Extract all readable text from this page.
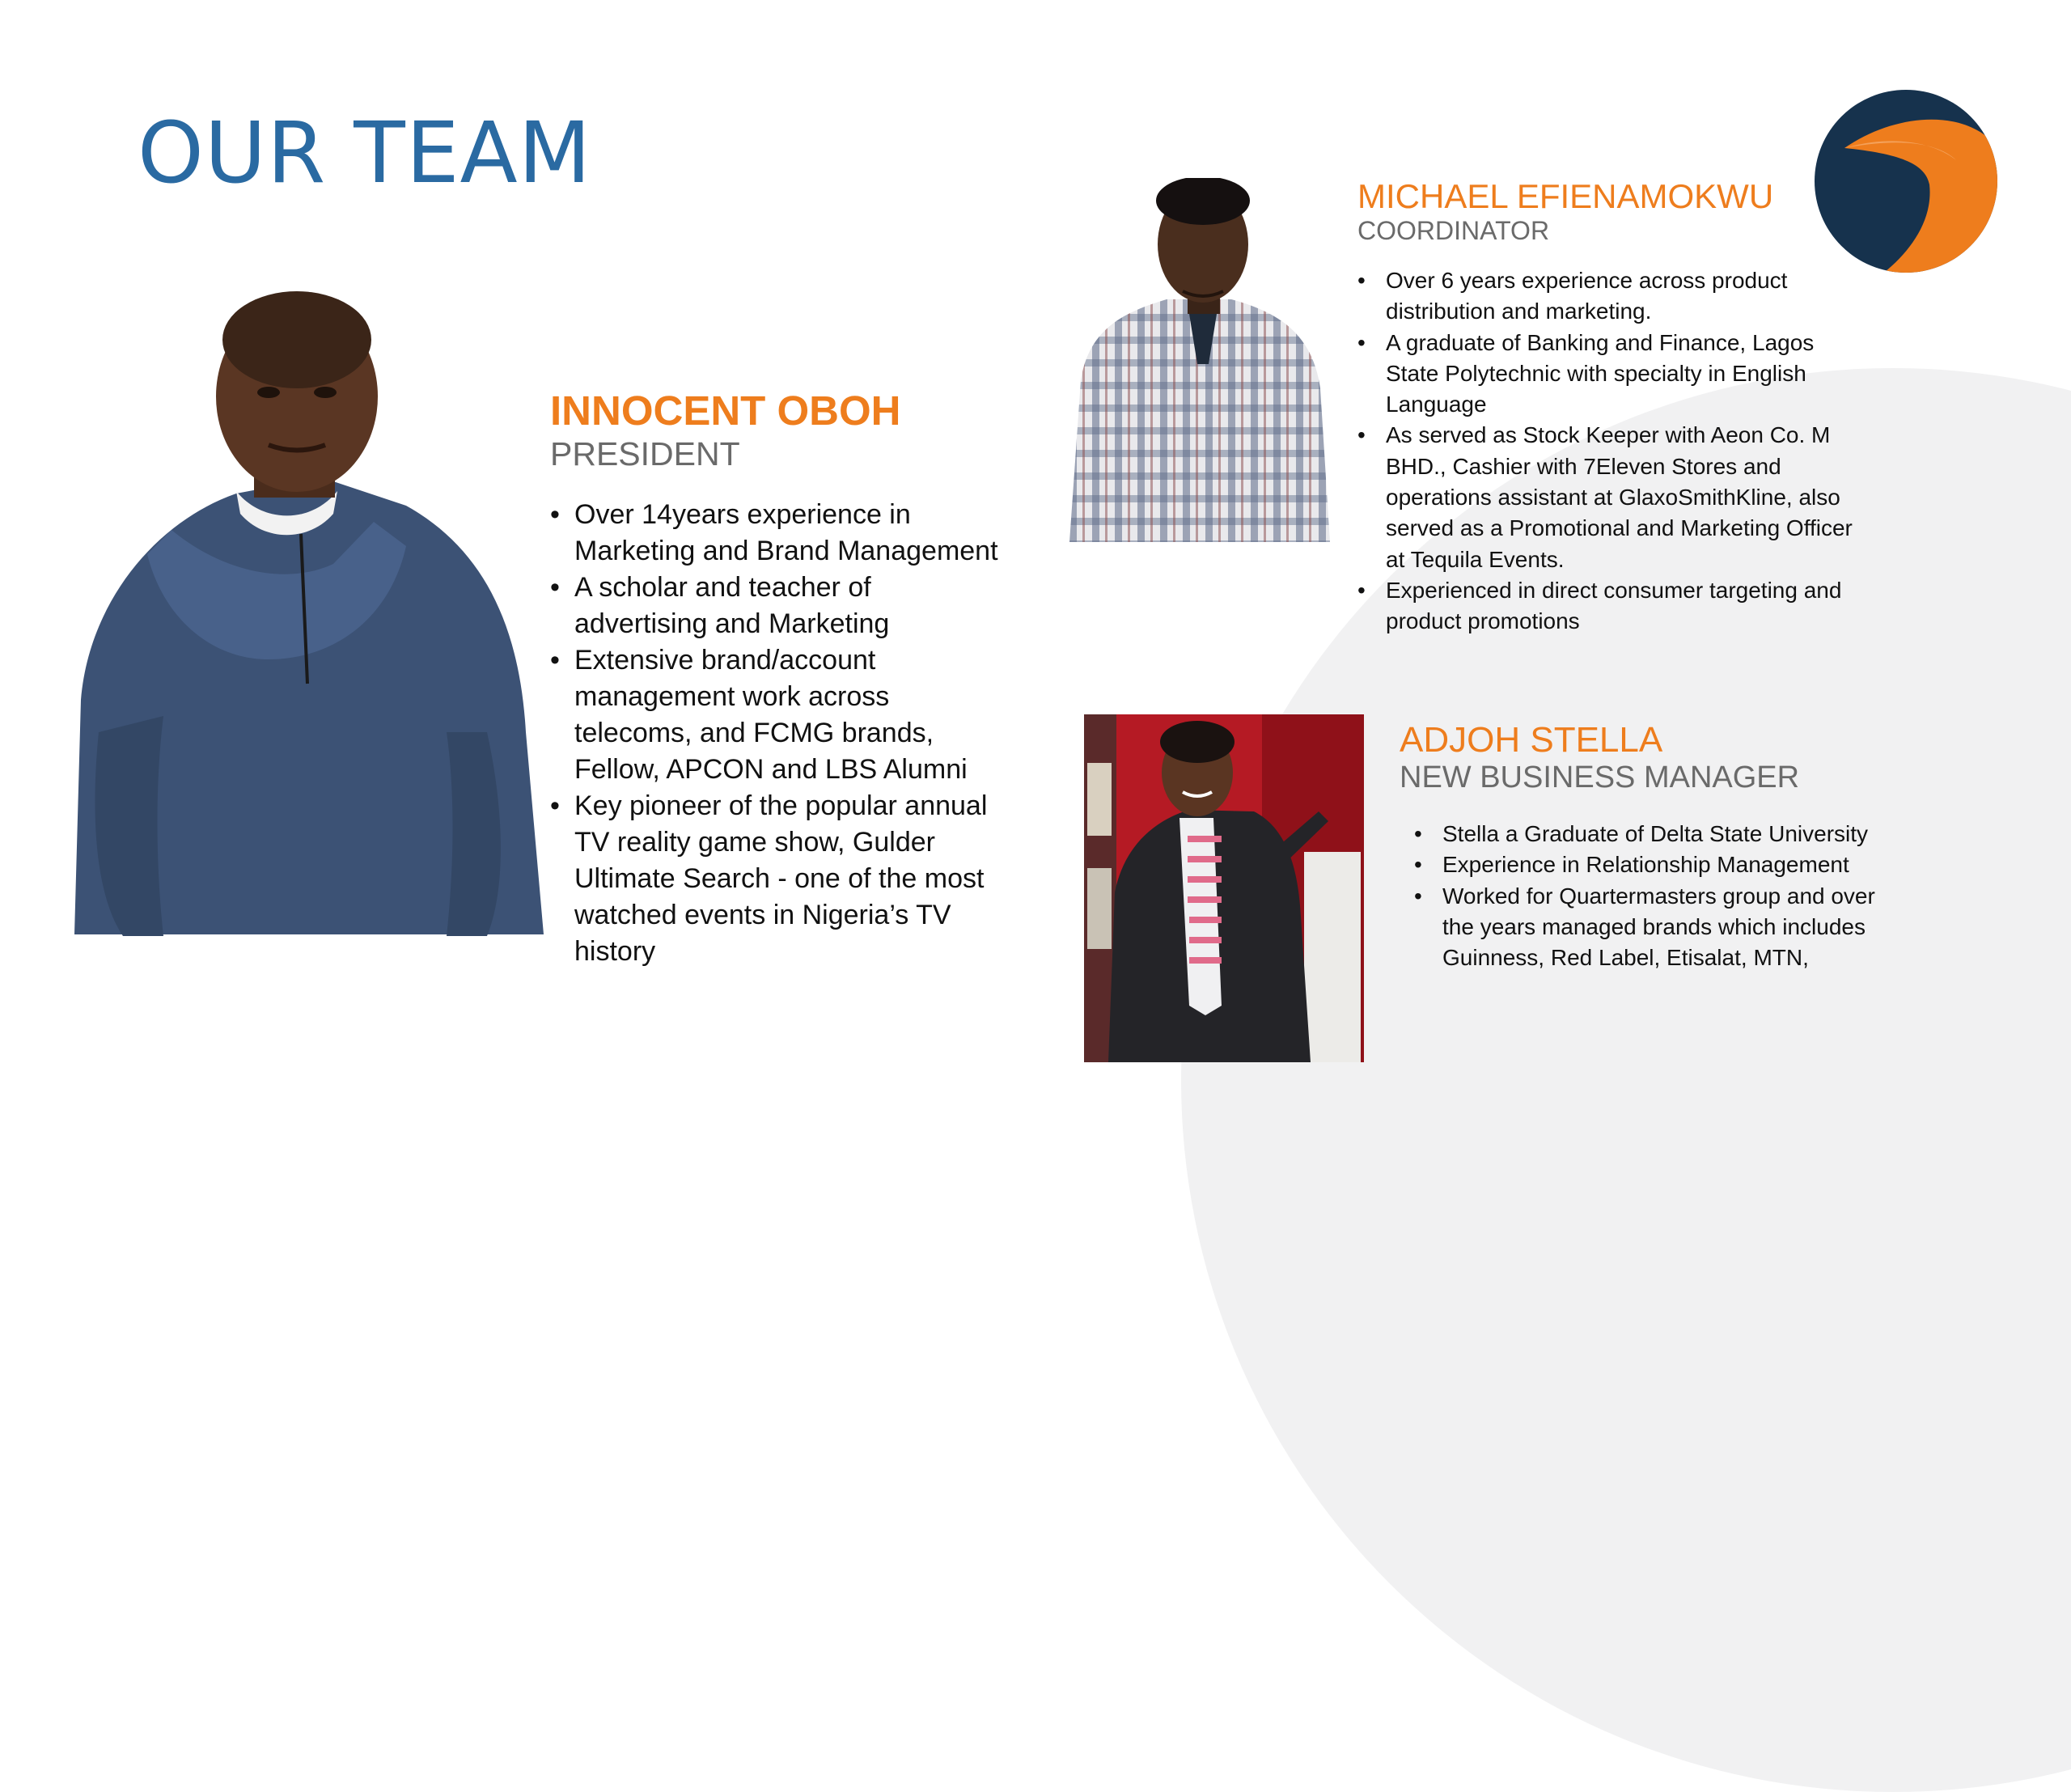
OUR TEAM
INNOCENT OBOH

PRESIDENT

• Over 14years experience in Marketing and Brand Management
• A scholar and teacher of advertising and Marketing
• Extensive brand/account management work across telecoms, and FCMG brands, Fellow, APCON and LBS Alumni
• Key pioneer of the popular annual TV reality game show, Gulder Ultimate Search - one of the most watched events in Nigeria’s TV history
MICHAEL EFIENAMOKWU

COORDINATOR

• Over 6 years experience across product distribution and marketing.
• A graduate of Banking and Finance, Lagos State Polytechnic with specialty in English Language
• As served as Stock Keeper with Aeon Co. M BHD., Cashier with 7Eleven Stores and operations assistant at GlaxoSmithKline, also served as a Promotional and Marketing Officer at Tequila Events.
• Experienced in direct consumer targeting and product promotions
ADJOH STELLA

NEW BUSINESS MANAGER

• Stella a Graduate of Delta State University
• Experience in Relationship Management
• Worked for Quartermasters group and over the years managed brands which includes Guinness, Red Label, Etisalat, MTN,
